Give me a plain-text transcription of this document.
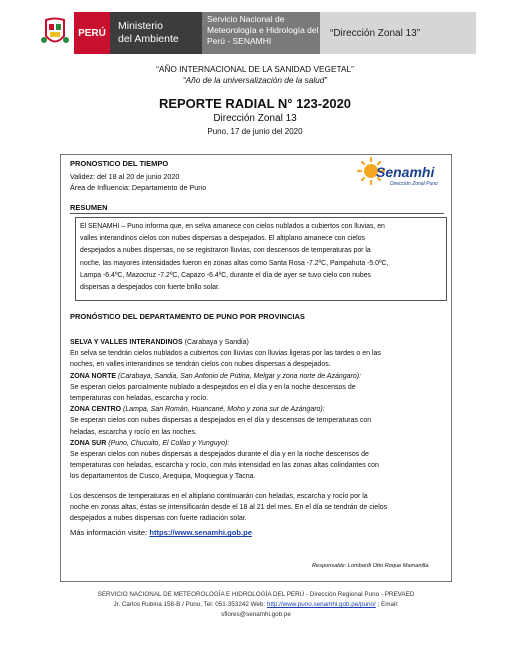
PERÚ
Ministerio
del Ambiente
Servicio Nacional de
Meteorología e Hidrología del
Perú - SENAMHI
“Dirección Zonal 13”
“AÑO INTERNACIONAL DE LA SANIDAD VEGETAL”
“Año de la universalización de la salud”
REPORTE RADIAL N° 123-2020
Dirección Zonal 13
Puno, 17 de junio del 2020
PRONOSTICO DEL TIEMPO
Validez: del 18 al 20 de junio 2020
Área de Influencia: Departamento de Puno
Senamhi
Dirección Zonal Puno
RESUMEN
El SENAMHI – Puno informa que, en selva amanece con cielos nublados a cubiertos con lluvias, en
valles interandinos cielos con nubes dispersas a despejados. El altiplano amanece con cielos
despejados a nubes dispersas, no se registraron lluvias, con descensos de temperaturas por la
noche, las mayores intensidades fueron en zonas altas como Santa Rosa -7.2ºC, Pampahuta -5.0ºC,
Lampa -6.4ºC, Mazocruz -7.2ºC, Capazo -6.4ºC, durante el día de ayer se tuvo cielo con nubes
dispersas a despejados con fuerte brillo solar.
PRONÓSTICO DEL DEPARTAMENTO DE PUNO POR PROVINCIAS
SELVA Y VALLES INTERANDINOS (Carabaya y Sandia)
En selva se tendrán cielos nublados a cubiertos con lluvias con lluvias ligeras por las tardes o en las
noches, en valles interandinos se tendrán cielos con nubes dispersas a despejados.
ZONA NORTE (Carabaya, Sandia, San Antonio de Putina, Melgar y zona norte de Azángaro):
Se esperan cielos parcialmente nublado a despejados en el día y en la noche descensos de
temperaturas con heladas, escarcha y rocío.
ZONA CENTRO (Lampa, San Román, Huancané, Moho y zona sur de Azángaro):
Se esperan cielos con nubes dispersas a despejados en el día y descensos de temperaturas con
heladas, escarcha y rocío en las noches.
ZONA SUR (Puno, Chucuito, El Collao y Yunguyo):
Se esperan cielos con nubes dispersas a despejados durante el día y en la noche descensos de
temperaturas con heladas, escarcha y rocío, con más intensidad en las zonas altas colindantes con
los departamentos de Cusco, Arequipa, Moquegua y Tacna.
Los descensos de temperaturas en el altiplano continuarán con heladas, escarcha y rocío por la
noche en zonas altas, éstas se intensificarán desde el 18 al 21 del mes. En el día se tendrán de cielos
despejados a nubes dispersas con fuerte radiación solar.
Más información visite: https://www.senamhi.gob.pe
Responsable: Lombardi Otto Roque Mamanilla.
SERVICIO NACIONAL DE METEOROLOGÍA E HIDROLOGÍA DEL PERÚ - Dirección Regional Puno - PREVAED
Jr. Carlos Rubina 158-B / Puno, Tel: 051-353242 Web: http://www.puno.senamhi.gob.pe/puno/ ; Email:
sflores@senamhi.gob.pe
